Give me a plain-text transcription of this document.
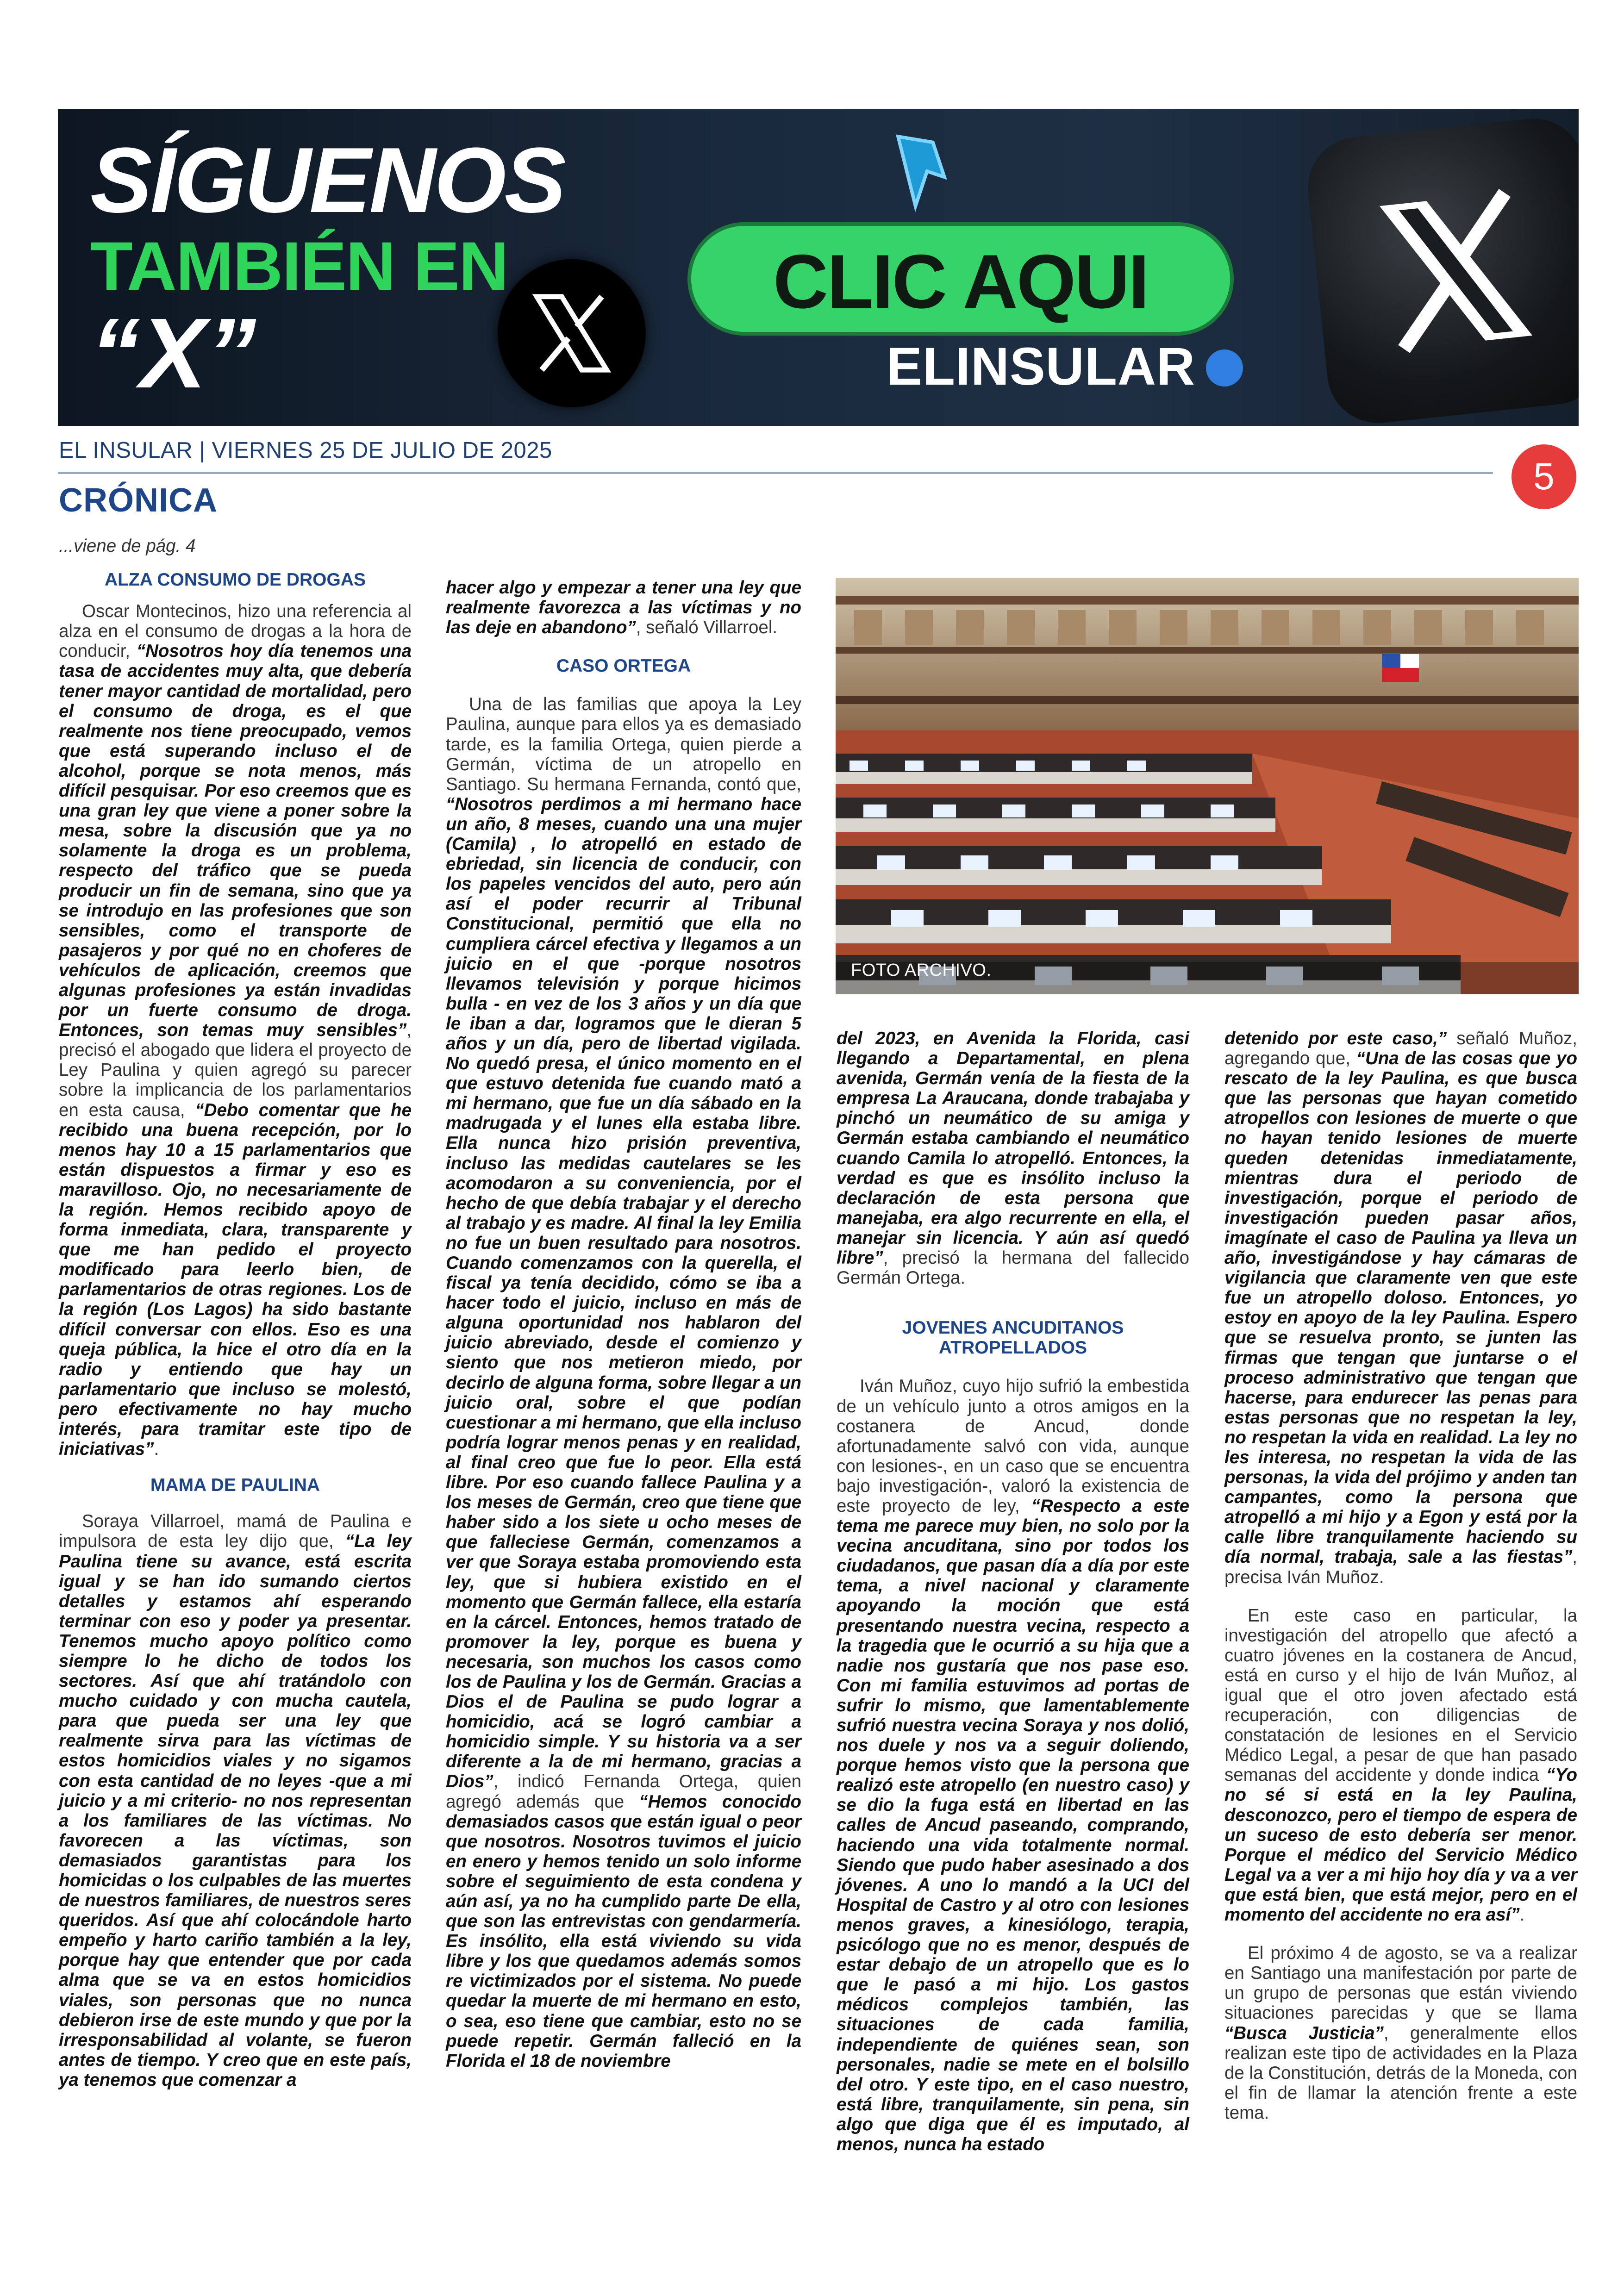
SÍGUENOS
TAMBIÉN EN
“X”
CLIC AQUI
ELINSULAR
EL INSULAR | VIERNES 25 DE JULIO DE 2025
5
CRÓNICA

...viene de pág. 4

ALZA CONSUMO DE DROGAS

Oscar Montecinos, hizo una referencia al alza en el consumo de drogas a la hora de conducir, “Nosotros hoy día tenemos una tasa de accidentes muy alta, que debería tener mayor cantidad de mortalidad, pero el consumo de droga, es el que realmente nos tiene preocupado, vemos que está superando incluso el de alcohol, porque se nota menos, más difícil pesquisar. Por eso creemos que es una gran ley que viene a poner sobre la mesa, sobre la discusión que ya no solamente la droga es un problema, respecto del tráfico que se pueda producir un fin de semana, sino que ya se introdujo en las profesiones que son sensibles, como el transporte de pasajeros y por qué no en choferes de vehículos de aplicación, creemos que algunas profesiones ya están invadidas por un fuerte consumo de droga. Entonces, son temas muy sensibles”, precisó el abogado que lidera el proyecto de Ley Paulina y quien agregó su parecer sobre la implicancia de los parlamentarios en esta causa, “Debo comentar que he recibido una buena recepción, por lo menos hay 10 a 15 parlamentarios que están dispuestos a firmar y eso es maravilloso. Ojo, no necesariamente de la región. Hemos recibido apoyo de forma inmediata, clara, transparente y que me han pedido el proyecto modificado para leerlo bien, de parlamentarios de otras regiones. Los de la región (Los Lagos) ha sido bastante difícil conversar con ellos. Eso es una queja pública, la hice el otro día en la radio y entiendo que hay un parlamentario que incluso se molestó, pero efectivamente no hay mucho interés, para tramitar este tipo de iniciativas”.

MAMA DE PAULINA

Soraya Villarroel, mamá de Paulina e impulsora de esta ley dijo que, “La ley Paulina tiene su avance, está escrita igual y se han ido sumando ciertos detalles y estamos ahí esperando terminar con eso y poder ya presentar. Tenemos mucho apoyo político como siempre lo he dicho de todos los sectores. Así que ahí tratándolo con mucho cuidado y con mucha cautela, para que pueda ser una ley que realmente sirva para las víctimas de estos homicidios viales y no sigamos con esta cantidad de no leyes -que a mi juicio y a mi criterio- no nos representan a los familiares de las víctimas. No favorecen a las víctimas, son demasiados garantistas para los homicidas o los culpables de las muertes de nuestros familiares, de nuestros seres queridos. Así que ahí colocándole harto empeño y harto cariño también a la ley, porque hay que entender que por cada alma que se va en estos homicidios viales, son personas que no nunca debieron irse de este mundo y que por la irresponsabilidad al volante, se fueron antes de tiempo. Y creo que en este país, ya tenemos que comenzar a

hacer algo y empezar a tener una ley que realmente favorezca a las víctimas y no las deje en abandono”, señaló Villarroel.

CASO ORTEGA

Una de las familias que apoya la Ley Paulina, aunque para ellos ya es demasiado tarde, es la familia Ortega, quien pierde a Germán, víctima de un atropello en Santiago. Su hermana Fernanda, contó que, “Nosotros perdimos a mi hermano hace un año, 8 meses, cuando una una mujer (Camila) , lo atropelló en estado de ebriedad, sin licencia de conducir, con los papeles vencidos del auto, pero aún así el poder recurrir al Tribunal Constitucional, permitió que ella no cumpliera cárcel efectiva y llegamos a un juicio en el que -porque nosotros llevamos televisión y porque hicimos bulla - en vez de los 3 años y un día que le iban a dar, logramos que le dieran 5 años y un día, pero de libertad vigilada. No quedó presa, el único momento en el que estuvo detenida fue cuando mató a mi hermano, que fue un día sábado en la madrugada y el lunes ella estaba libre. Ella nunca hizo prisión preventiva, incluso las medidas cautelares se les acomodaron a su conveniencia, por el hecho de que debía trabajar y el derecho al trabajo y es madre. Al final la ley Emilia no fue un buen resultado para nosotros. Cuando comenzamos con la querella, el fiscal ya tenía decidido, cómo se iba a hacer todo el juicio, incluso en más de alguna oportunidad nos hablaron del juicio abreviado, desde el comienzo y siento que nos metieron miedo, por decirlo de alguna forma, sobre llegar a un juicio oral, sobre el que podían cuestionar a mi hermano, que ella incluso podría lograr menos penas y en realidad, al final creo que fue lo peor. Ella está libre. Por eso cuando fallece Paulina y a los meses de Germán, creo que tiene que haber sido a los siete u ocho meses de que falleciese Germán, comenzamos a ver que Soraya estaba promoviendo esta ley, que si hubiera existido en el momento que Germán fallece, ella estaría en la cárcel. Entonces, hemos tratado de promover la ley, porque es buena y necesaria, son muchos los casos como los de Paulina y los de Germán. Gracias a Dios el de Paulina se pudo lograr a homicidio, acá se logró cambiar a homicidio simple. Y su historia va a ser diferente a la de mi hermano, gracias a Dios”, indicó Fernanda Ortega, quien agregó además que “Hemos conocido demasiados casos que están igual o peor que nosotros. Nosotros tuvimos el juicio en enero y hemos tenido un solo informe sobre el seguimiento de esta condena y aún así, ya no ha cumplido parte De ella, que son las entrevistas con gendarmería. Es insólito, ella está viviendo su vida libre y los que quedamos además somos re victimizados por el sistema. No puede quedar la muerte de mi hermano en esto, o sea, eso tiene que cambiar, esto no se puede repetir. Germán falleció en la Florida el 18 de noviembre

FOTO ARCHIVO.

del 2023, en Avenida la Florida, casi llegando a Departamental, en plena avenida, Germán venía de la fiesta de la empresa La Araucana, donde trabajaba y pinchó un neumático de su amiga y Germán estaba cambiando el neumático cuando Camila lo atropelló. Entonces, la verdad es que es insólito incluso la declaración de esta persona que manejaba, era algo recurrente en ella, el manejar sin licencia. Y aún así quedó libre”, precisó la hermana del fallecido Germán Ortega.

JOVENES ANCUDITANOS ATROPELLADOS

Iván Muñoz, cuyo hijo sufrió la embestida de un vehículo junto a otros amigos en la costanera de Ancud, donde afortunadamente salvó con vida, aunque con lesiones-, en un caso que se encuentra bajo investigación-, valoró la existencia de este proyecto de ley, “Respecto a este tema me parece muy bien, no solo por la vecina ancuditana, sino por todos los ciudadanos, que pasan día a día por este tema, a nivel nacional y claramente apoyando la moción que está presentando nuestra vecina, respecto a la tragedia que le ocurrió a su hija que a nadie nos gustaría que nos pase eso. Con mi familia estuvimos ad portas de sufrir lo mismo, que lamentablemente sufrió nuestra vecina Soraya y nos dolió, nos duele y nos va a seguir doliendo, porque hemos visto que la persona que realizó este atropello (en nuestro caso) y se dio la fuga está en libertad en las calles de Ancud paseando, comprando, haciendo una vida totalmente normal. Siendo que pudo haber asesinado a dos jóvenes. A uno lo mandó a la UCI del Hospital de Castro y al otro con lesiones menos graves, a kinesiólogo, terapia, psicólogo que no es menor, después de estar debajo de un atropello que es lo que le pasó a mi hijo. Los gastos médicos complejos también, las situaciones de cada familia, independiente de quiénes sean, son personales, nadie se mete en el bolsillo del otro. Y este tipo, en el caso nuestro, está libre, tranquilamente, sin pena, sin algo que diga que él es imputado, al menos, nunca ha estado

detenido por este caso,” señaló Muñoz, agregando que, “Una de las cosas que yo rescato de la ley Paulina, es que busca que las personas que hayan cometido atropellos con lesiones de muerte o que no hayan tenido lesiones de muerte queden detenidas inmediatamente, mientras dura el periodo de investigación, porque el periodo de investigación pueden pasar años, imagínate el caso de Paulina ya lleva un año, investigándose y hay cámaras de vigilancia que claramente ven que este fue un atropello doloso. Entonces, yo estoy en apoyo de la ley Paulina. Espero que se resuelva pronto, se junten las firmas que tengan que juntarse o el proceso administrativo que tengan que hacerse, para endurecer las penas para estas personas que no respetan la ley, no respetan la vida en realidad. La ley no les interesa, no respetan la vida de las personas, la vida del prójimo y anden tan campantes, como la persona que atropelló a mi hijo y a Egon y está por la calle libre tranquilamente haciendo su día normal, trabaja, sale a las fiestas”, precisa Iván Muñoz.

En este caso en particular, la investigación del atropello que afectó a cuatro jóvenes en la costanera de Ancud, está en curso y el hijo de Iván Muñoz, al igual que el otro joven afectado está recuperación, con diligencias de constatación de lesiones en el Servicio Médico Legal, a pesar de que han pasado semanas del accidente y donde indica “Yo no sé si está en la ley Paulina, desconozco, pero el tiempo de espera de un suceso de esto debería ser menor. Porque el médico del Servicio Médico Legal va a ver a mi hijo hoy día y va a ver que está bien, que está mejor, pero en el momento del accidente no era así”.

El próximo 4 de agosto, se va a realizar en Santiago una manifestación por parte de un grupo de personas que están viviendo situaciones parecidas y que se llama “Busca Justicia”, generalmente ellos realizan este tipo de actividades en la Plaza de la Constitución, detrás de la Moneda, con el fin de llamar la atención frente a este tema.
